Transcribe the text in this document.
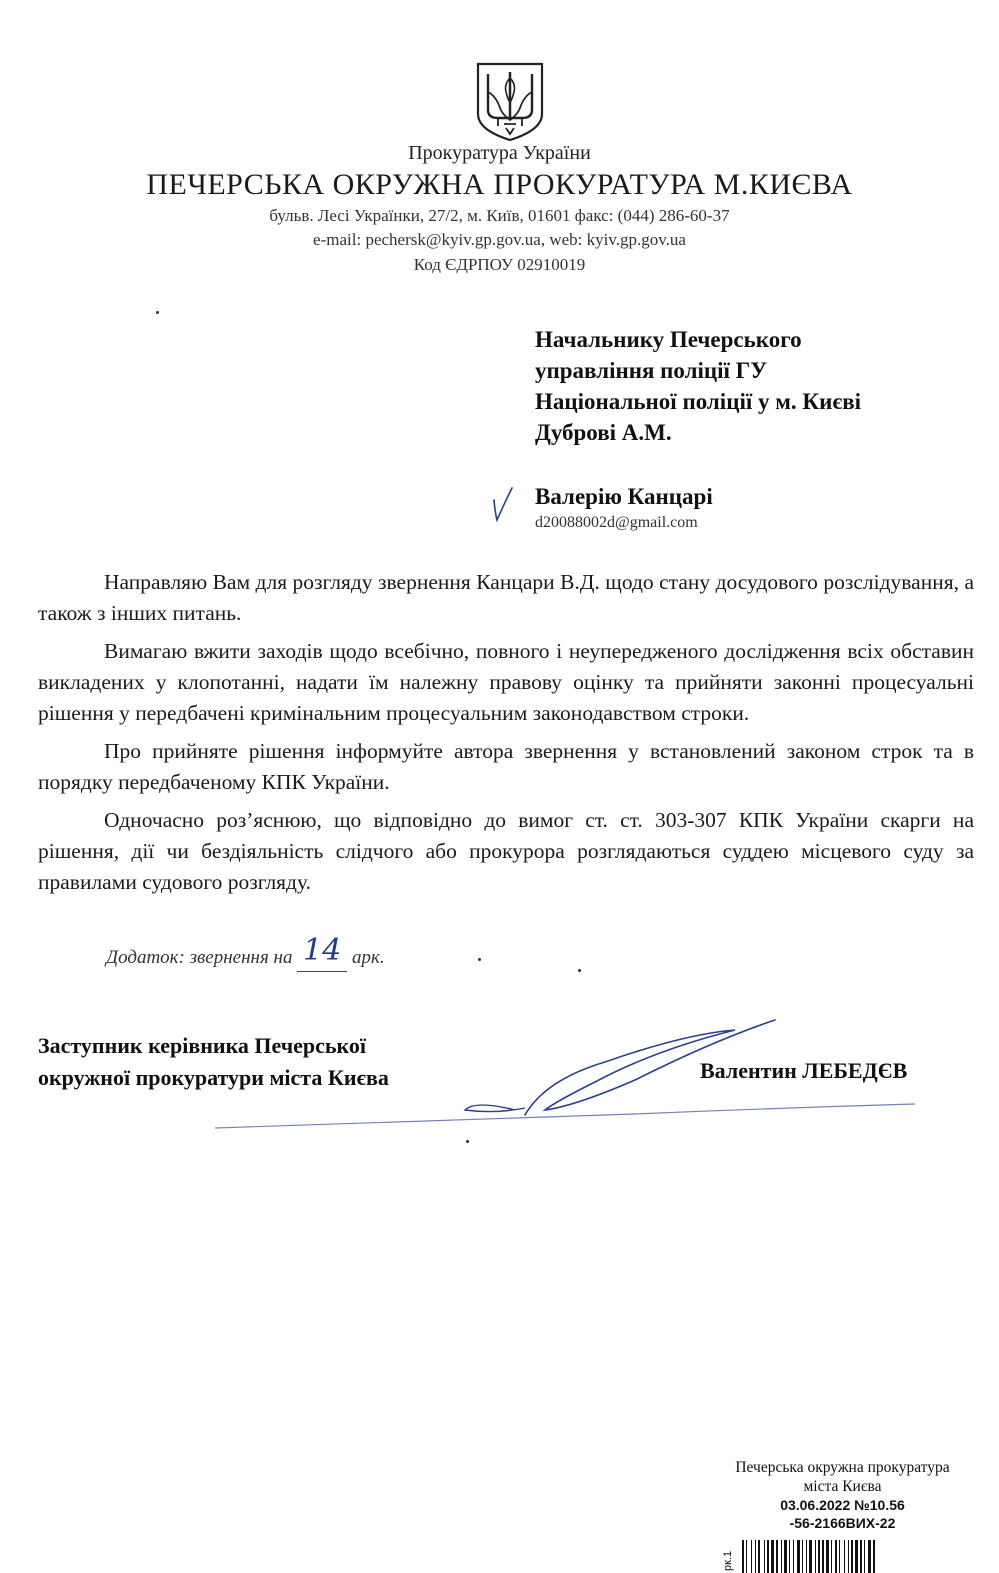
Прокуратура України
ПЕЧЕРСЬКА ОКРУЖНА ПРОКУРАТУРА М.КИЄВА
бульв. Лесі Українки, 27/2, м. Київ, 01601 факс: (044) 286-60-37
e-mail: pechersk@kyiv.gp.gov.ua, web: kyiv.gp.gov.ua
Код ЄДРПОУ 02910019
Начальнику Печерського
управління поліції ГУ
Національної поліції у м. Києві
Дуброві А.М.
Валерію Канцарі
d20088002d@gmail.com

Направляю Вам для розгляду звернення Канцари В.Д. щодо стану досудового розслідування, а також з інших питань.

Вимагаю вжити заходів щодо всебічно, повного і неупередженого дослідження всіх обставин викладених у клопотанні, надати їм належну правову оцінку та прийняти законні процесуальні рішення у передбачені кримінальним процесуальним законодавством строки.

Про прийняте рішення інформуйте автора звернення у встановлений законом строк та в порядку передбаченому КПК України.

Одночасно роз’яснюю, що відповідно до вимог ст. ст. 303-307 КПК України скарги на рішення, дії чи бездіяльність слідчого або прокурора розглядаються суддею місцевого суду за правилами судового розгляду.

Додаток: звернення на 14 арк.
Заступник керівника Печерської
окружної прокуратури міста Києва	Валентин ЛЕБЕДЄВ
Печерська окружна прокуратура
міста Києва
03.06.2022 №10.56
-56-2166ВИХ-22
рк.1
